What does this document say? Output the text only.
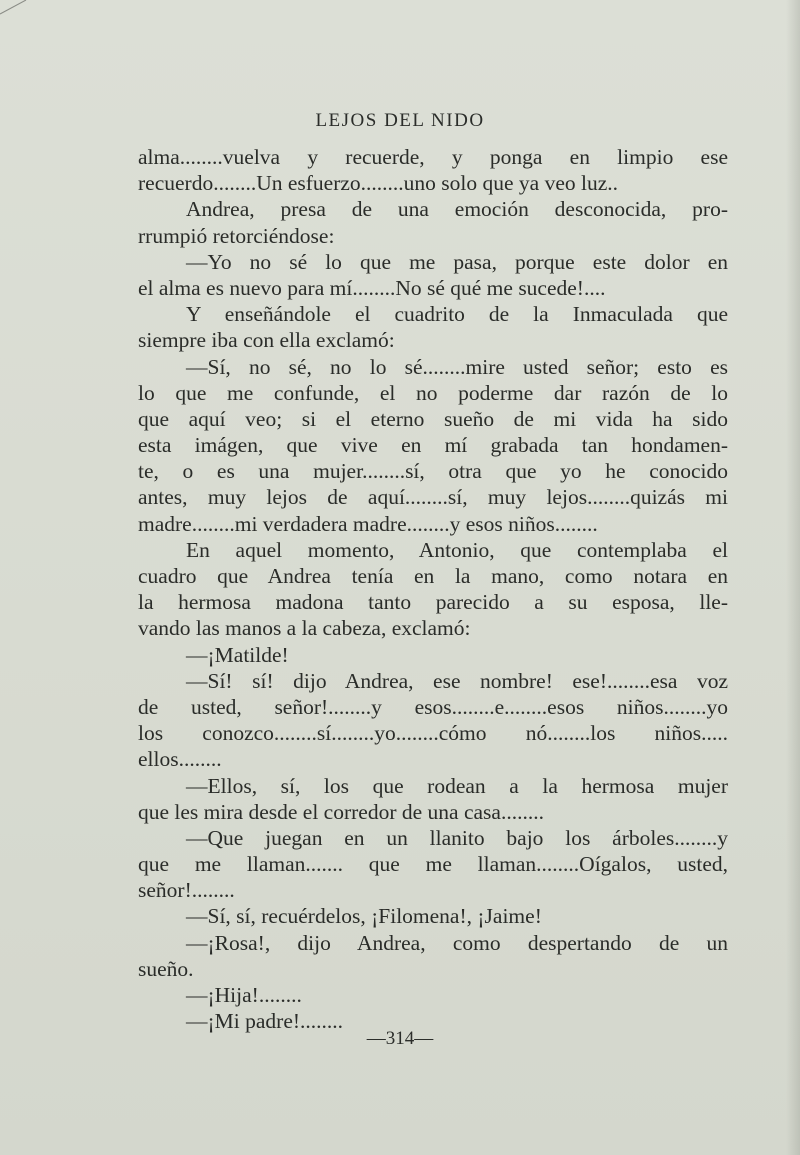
LEJOS DEL NIDO
alma........vuelva y recuerde, y ponga en limpio ese
recuerdo........Un esfuerzo........uno solo que ya veo luz..
Andrea, presa de una emoción desconocida, pro-
rrumpió retorciéndose:
—Yo no sé lo que me pasa, porque este dolor en
el alma es nuevo para mí........No sé qué me sucede!....
Y enseñándole el cuadrito de la Inmaculada que
siempre iba con ella exclamó:
—Sí, no sé, no lo sé........mire usted señor; esto es
lo que me confunde, el no poderme dar razón de lo
que aquí veo; si el eterno sueño de mi vida ha sido
esta imágen, que vive en mí grabada tan hondamen-
te, o es una mujer........sí, otra que yo he conocido
antes, muy lejos de aquí........sí, muy lejos........quizás mi
madre........mi verdadera madre........y esos niños........
En aquel momento, Antonio, que contemplaba el
cuadro que Andrea tenía en la mano, como notara en
la hermosa madona tanto parecido a su esposa, lle-
vando las manos a la cabeza, exclamó:
—¡Matilde!
—Sí! sí! dijo Andrea, ese nombre! ese!........esa voz
de usted, señor!........y esos........e........esos niños........yo
los conozco........sí........yo........cómo nó........los niños.....
ellos........
—Ellos, sí, los que rodean a la hermosa mujer
que les mira desde el corredor de una casa........
—Que juegan en un llanito bajo los árboles........y
que me llaman....... que me llaman........Oígalos, usted,
señor!........
—Sí, sí, recuérdelos, ¡Filomena!, ¡Jaime!
—¡Rosa!, dijo Andrea, como despertando de un
sueño.
—¡Hija!........
—¡Mi padre!........
—314—
